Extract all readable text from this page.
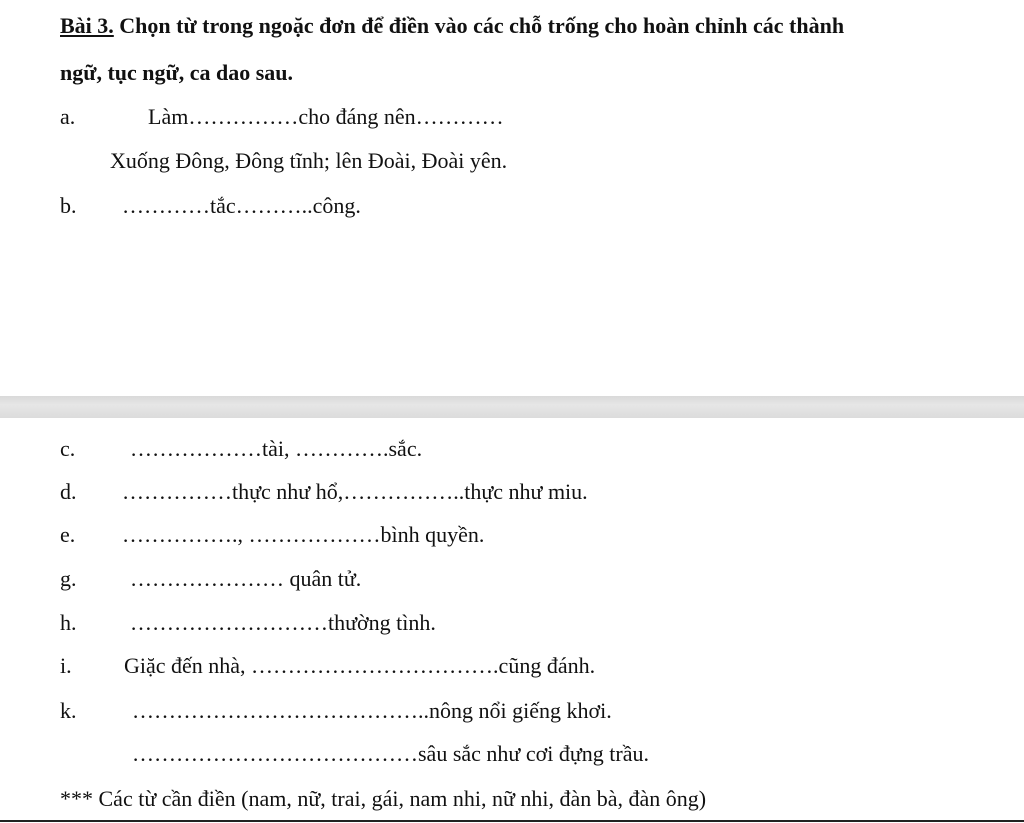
Bài 3. Chọn từ trong ngoặc đơn để điền vào các chỗ trống cho hoàn chỉnh các thành
ngữ, tục ngữ, ca dao sau.
a.	Làm……………cho đáng nên…………
Xuống Đông, Đông tĩnh; lên Đoài, Đoài yên.
b. …………tắc………..công.
c. ………………tài, ………….sắc.
d. ……………thực như hổ,……………..thực như miu.
e. ……………., ………………bình quyền.
g. ………………… quân tử.
h. ………………………thường tình.
i. Giặc đến nhà, …………………………….cũng đánh.
k.	…………………………………..nông nổi giếng khơi.
…………………………………sâu sắc như cơi đựng trầu.
*** Các từ cần điền (nam, nữ, trai, gái, nam nhi, nữ nhi, đàn bà, đàn ông)
